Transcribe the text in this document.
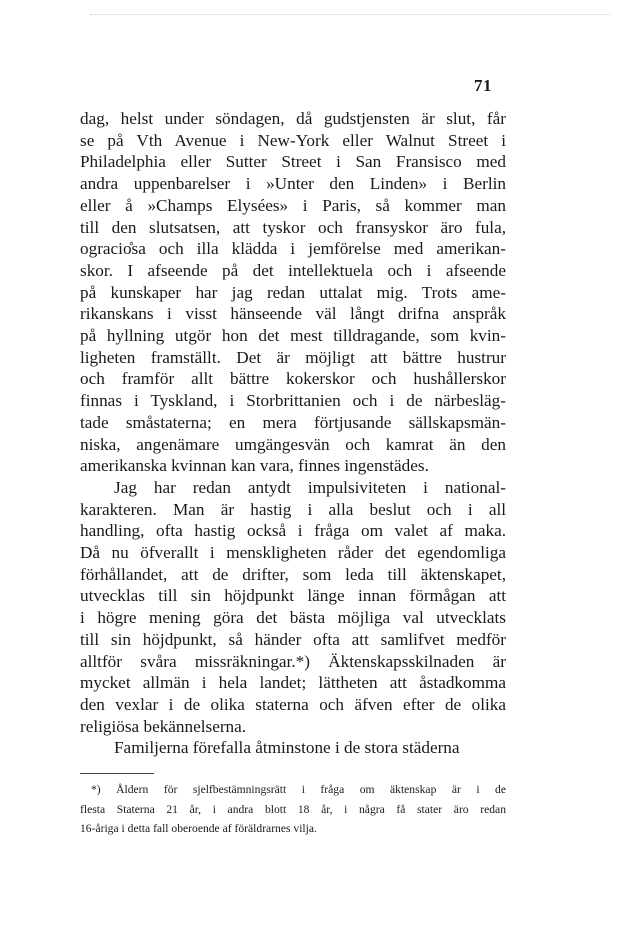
71
dag, helst under söndagen, då gudstjensten är slut, får
se på Vth Avenue i New-York eller Walnut Street i
Philadelphia eller Sutter Street i San Fransisco med
andra uppenbarelser i »Unter den Linden» i Berlin
eller å »Champs Elysées» i Paris, så kommer man
till den slutsatsen, att tyskor och fransyskor äro fula,
ogracio̊sa och illa klädda i jemförelse med amerikan-
skor. I afseende på det intellektuela och i afseende
på kunskaper har jag redan uttalat mig. Trots ame-
rikanskans i visst hänseende väl långt drifna anspråk
på hyllning utgör hon det mest tilldragande, som kvin-
ligheten framställt. Det är möjligt att bättre hustrur
och framför allt bättre kokerskor och hushållerskor
finnas i Tyskland, i Storbrittanien och i de närbesläg-
tade småstaterna; en mera förtjusande sällskapsmän-
niska, angenämare umgängesvän och kamrat än den
amerikanska kvinnan kan vara, finnes ingenstädes.
Jag har redan antydt impulsiviteten i national-
karakteren. Man är hastig i alla beslut och i all
handling, ofta hastig också i fråga om valet af maka.
Då nu öfverallt i menskligheten råder det egendomliga
förhållandet, att de drifter, som leda till äktenskapet,
utvecklas till sin höjdpunkt länge innan förmågan att
i högre mening göra det bästa möjliga val utvecklats
till sin höjdpunkt, så händer ofta att samlifvet medför
alltför svåra missräkningar.*) Äktenskapsskilnaden är
mycket allmän i hela landet; lättheten att åstadkomma
den vexlar i de olika staterna och äfven efter de olika
religiösa bekännelserna.
Familjerna förefalla åtminstone i de stora städerna
*) Åldern för sjelfbestämningsrätt i fråga om äktenskap är i de
flesta Staterna 21 år, i andra blott 18 år, i några få stater äro redan
16-åriga i detta fall oberoende af föräldrarnes vilja.
